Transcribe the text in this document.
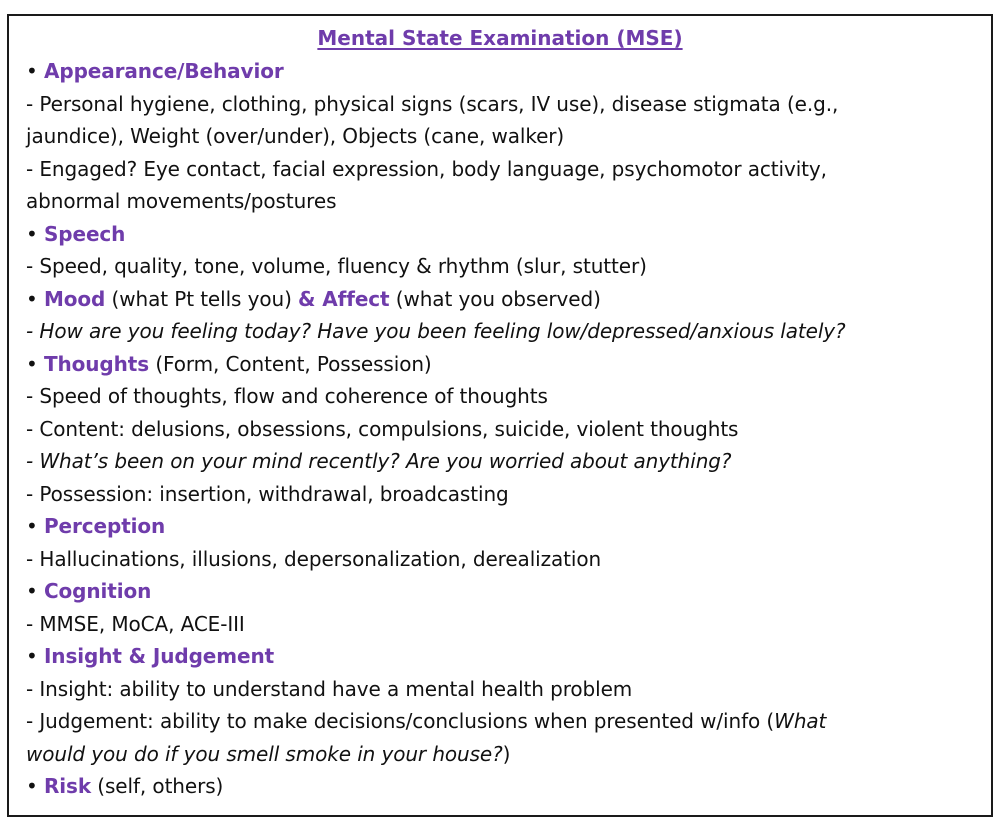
Mental State Examination (MSE)
• Appearance/Behavior
- Personal hygiene, clothing, physical signs (scars, IV use), disease stigmata (e.g.,
jaundice), Weight (over/under), Objects (cane, walker)
- Engaged? Eye contact, facial expression, body language, psychomotor activity,
abnormal movements/postures
• Speech
- Speed, quality, tone, volume, fluency & rhythm (slur, stutter)
• Mood (what Pt tells you) & Affect (what you observed)
- How are you feeling today? Have you been feeling low/depressed/anxious lately?
• Thoughts (Form, Content, Possession)
- Speed of thoughts, flow and coherence of thoughts
- Content: delusions, obsessions, compulsions, suicide, violent thoughts
- What’s been on your mind recently? Are you worried about anything?
- Possession: insertion, withdrawal, broadcasting
• Perception
- Hallucinations, illusions, depersonalization, derealization
• Cognition
- MMSE, MoCA, ACE-III
• Insight & Judgement
- Insight: ability to understand have a mental health problem
- Judgement: ability to make decisions/conclusions when presented w/info (What
would you do if you smell smoke in your house?)
• Risk (self, others)
